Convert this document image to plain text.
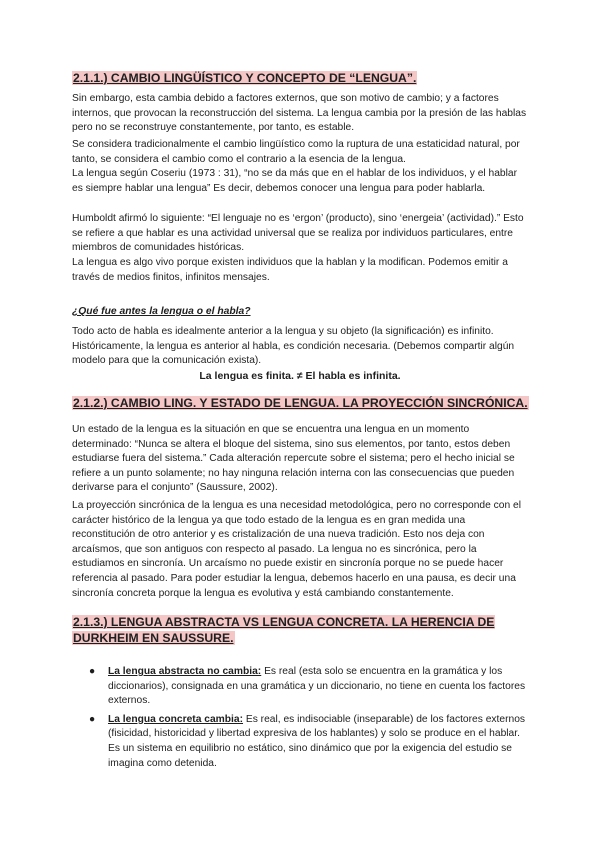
2.1.1.) CAMBIO LINGÜÍSTICO Y CONCEPTO DE “LENGUA”.

Sin embargo, esta cambia debido a factores externos, que son motivo de cambio; y a factores internos, que provocan la reconstrucción del sistema. La lengua cambia por la presión de las hablas pero no se reconstruye constantemente, por tanto, es estable.

Se considera tradicionalmente el cambio lingüístico como la ruptura de una estaticidad natural, por tanto, se considera el cambio como el contrario a la esencia de la lengua.

La lengua según Coseriu (1973 : 31), “no se da más que en el hablar de los individuos, y el hablar es siempre hablar una lengua” Es decir, debemos conocer una lengua para poder hablarla.

Humboldt afirmó lo siguiente: “El lenguaje no es ‘ergon’ (producto), sino ‘energeia’ (actividad).” Esto se refiere a que hablar es una actividad universal que se realiza por individuos particulares, entre miembros de comunidades históricas.

La lengua es algo vivo porque existen individuos que la hablan y la modifican. Podemos emitir a través de medios finitos, infinitos mensajes.

¿Qué fue antes la lengua o el habla?

Todo acto de habla es idealmente anterior a la lengua y su objeto (la significación) es infinito. Históricamente, la lengua es anterior al habla, es condición necesaria. (Debemos compartir algún modelo para que la comunicación exista).

La lengua es finita. ≠ El habla es infinita.

2.1.2.) CAMBIO LING. Y ESTADO DE LENGUA. LA PROYECCIÓN SINCRÓNICA.

Un estado de la lengua es la situación en que se encuentra una lengua en un momento determinado: “Nunca se altera el bloque del sistema, sino sus elementos, por tanto, estos deben estudiarse fuera del sistema.” Cada alteración repercute sobre el sistema; pero el hecho inicial se refiere a un punto solamente; no hay ninguna relación interna con las consecuencias que pueden derivarse para el conjunto” (Saussure, 2002).

La proyección sincrónica de la lengua es una necesidad metodológica, pero no corresponde con el carácter histórico de la lengua ya que todo estado de la lengua es en gran medida una reconstitución de otro anterior y es cristalización de una nueva tradición. Esto nos deja con arcaísmos, que son antiguos con respecto al pasado. La lengua no es sincrónica, pero la estudiamos en sincronía. Un arcaísmo no puede existir en sincronía porque no se puede hacer referencia al pasado. Para poder estudiar la lengua, debemos hacerlo en una pausa, es decir una sincronía concreta porque la lengua es evolutiva y está cambiando constantemente.

2.1.3.) LENGUA ABSTRACTA VS LENGUA CONCRETA. LA HERENCIA DE
DURKHEIM EN SAUSSURE.
● La lengua abstracta no cambia: Es real (esta solo se encuentra en la gramática y los diccionarios), consignada en una gramática y un diccionario, no tiene en cuenta los factores externos.
● La lengua concreta cambia: Es real, es indisociable (inseparable) de los factores externos (fisicidad, historicidad y libertad expresiva de los hablantes) y solo se produce en el hablar. Es un sistema en equilibrio no estático, sino dinámico que por la exigencia del estudio se imagina como detenida.
